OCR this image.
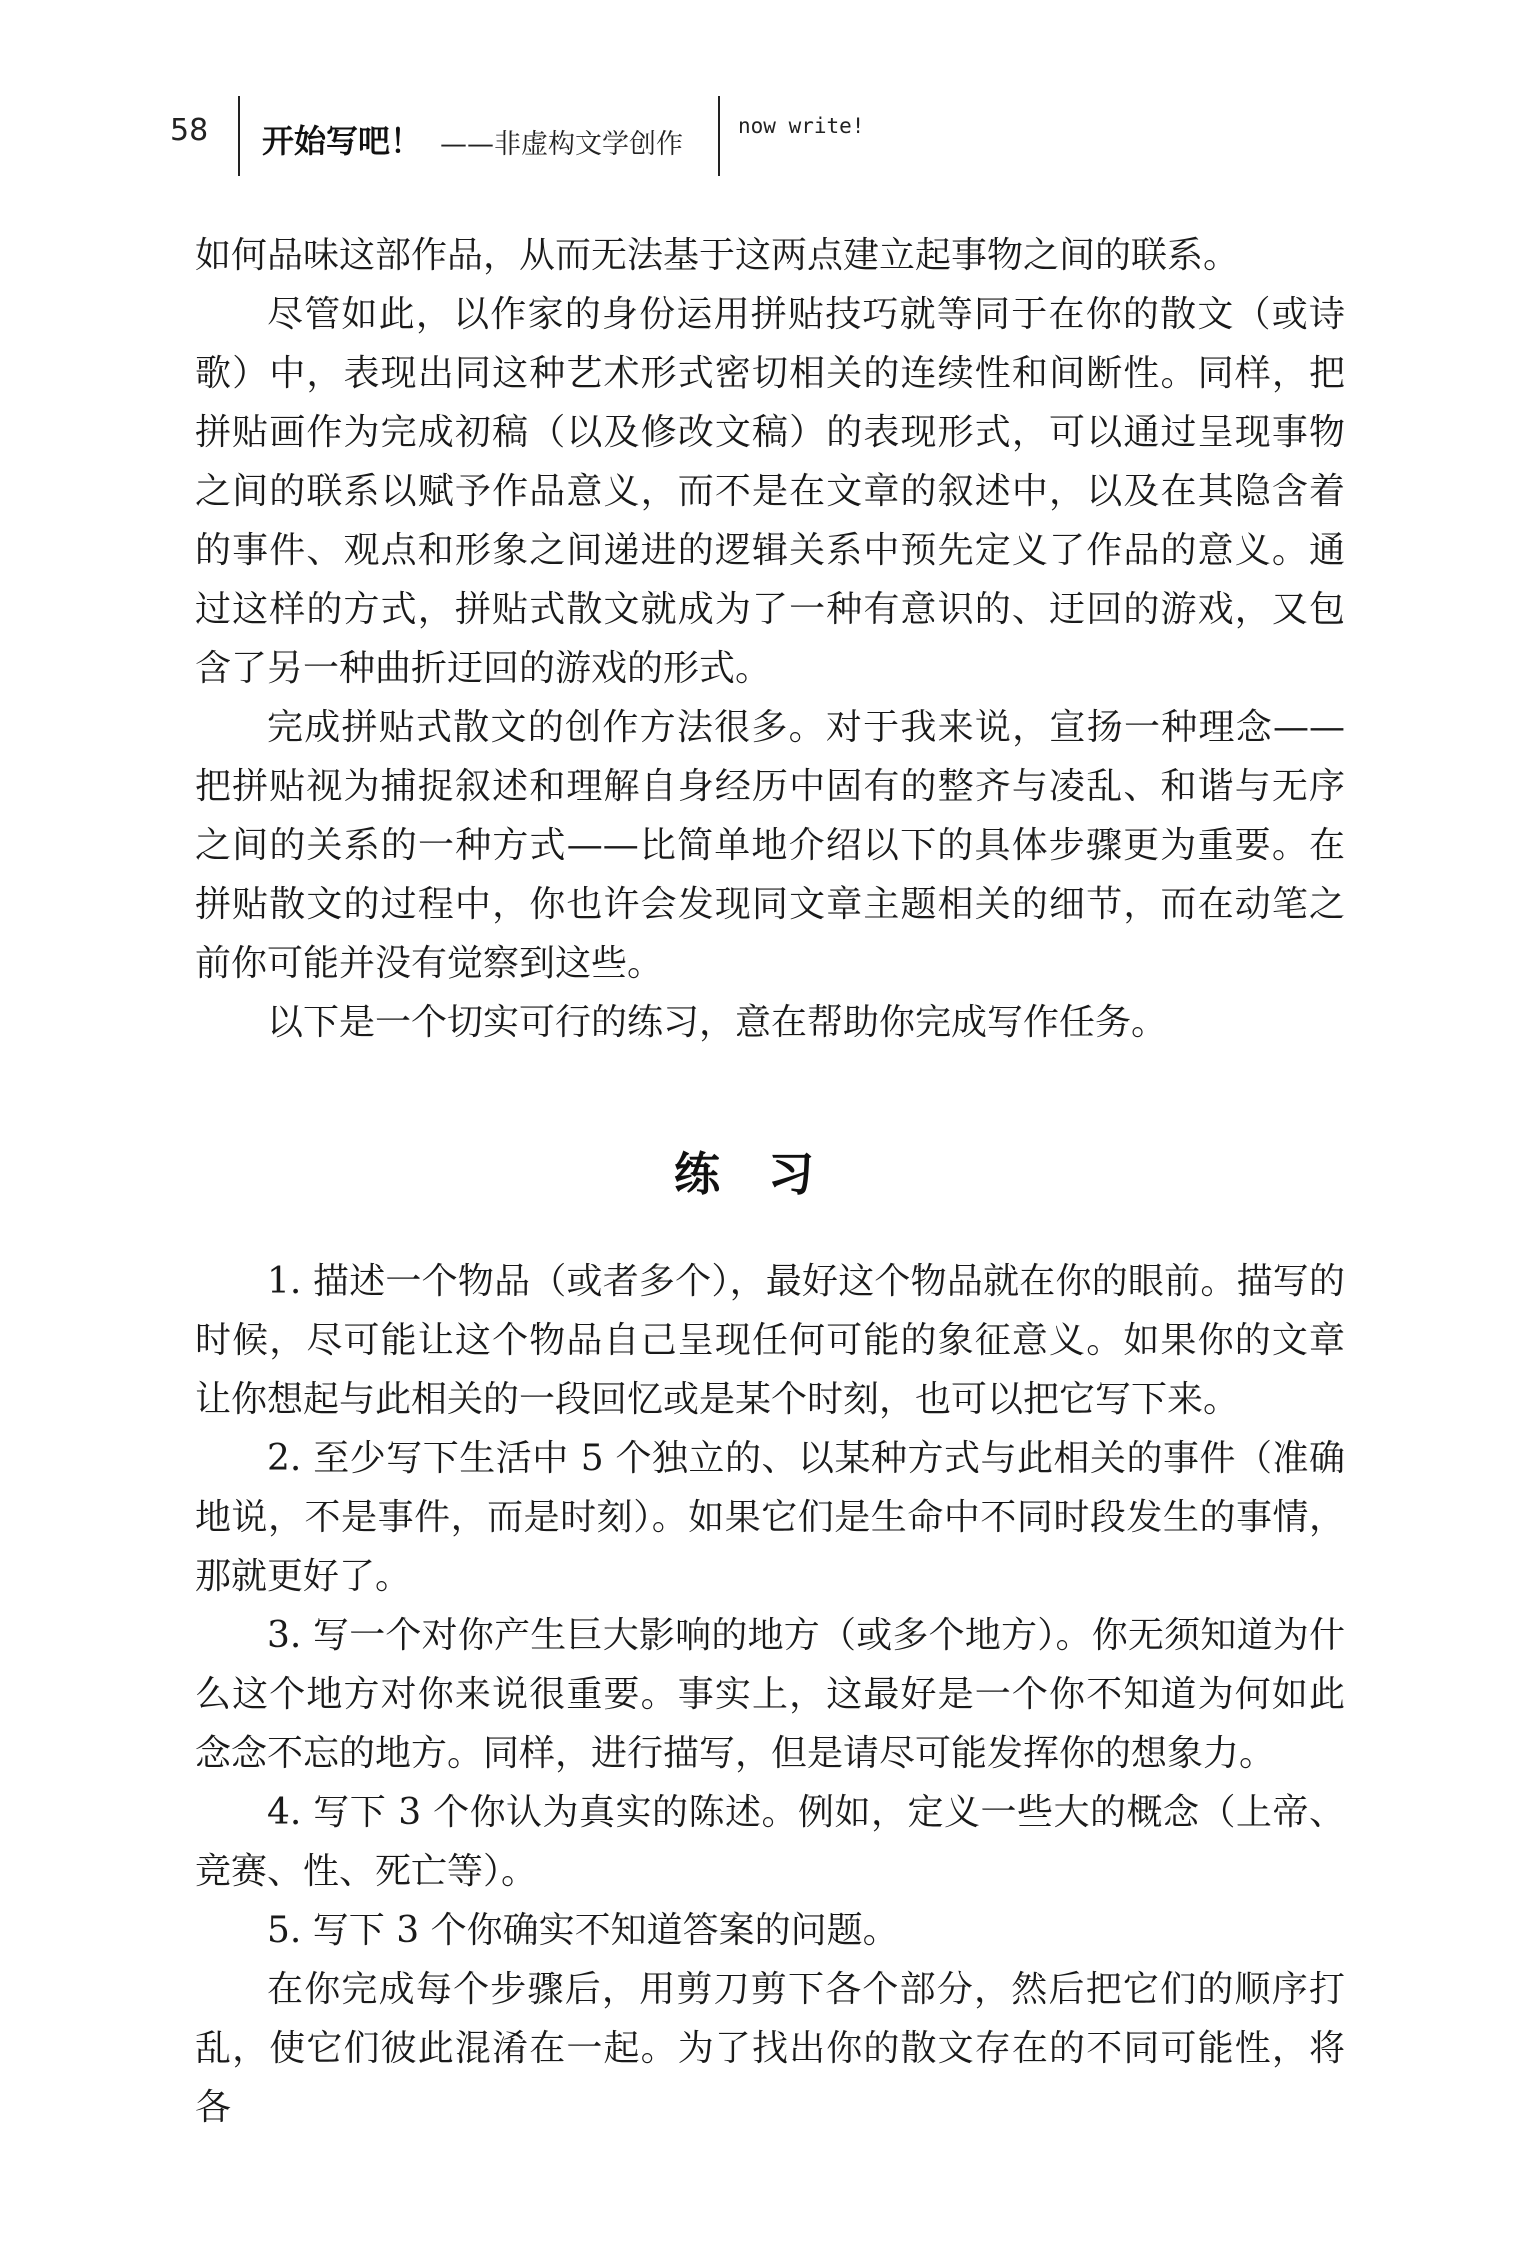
58 开始写吧！ ——非虚构文学创作
now write!

如何品味这部作品，从而无法基于这两点建立起事物之间的联系。

尽管如此，以作家的身份运用拼贴技巧就等同于在你的散文（或诗歌）中，表现出同这种艺术形式密切相关的连续性和间断性。同样，把拼贴画作为完成初稿（以及修改文稿）的表现形式，可以通过呈现事物之间的联系以赋予作品意义，而不是在文章的叙述中，以及在其隐含着的事件、观点和形象之间递进的逻辑关系中预先定义了作品的意义。通过这样的方式，拼贴式散文就成为了一种有意识的、迂回的游戏，又包含了另一种曲折迂回的游戏的形式。

完成拼贴式散文的创作方法很多。对于我来说，宣扬一种理念——把拼贴视为捕捉叙述和理解自身经历中固有的整齐与凌乱、和谐与无序之间的关系的一种方式——比简单地介绍以下的具体步骤更为重要。在拼贴散文的过程中，你也许会发现同文章主题相关的细节，而在动笔之前你可能并没有觉察到这些。

以下是一个切实可行的练习，意在帮助你完成写作任务。

练习

1. 描述一个物品（或者多个），最好这个物品就在你的眼前。描写的时候，尽可能让这个物品自己呈现任何可能的象征意义。如果你的文章让你想起与此相关的一段回忆或是某个时刻，也可以把它写下来。

2. 至少写下生活中 5 个独立的、以某种方式与此相关的事件（准确地说，不是事件，而是时刻）。如果它们是生命中不同时段发生的事情，那就更好了。

3. 写一个对你产生巨大影响的地方（或多个地方）。你无须知道为什么这个地方对你来说很重要。事实上，这最好是一个你不知道为何如此念念不忘的地方。同样，进行描写，但是请尽可能发挥你的想象力。

4. 写下 3 个你认为真实的陈述。例如，定义一些大的概念（上帝、竞赛、性、死亡等）。

5. 写下 3 个你确实不知道答案的问题。

在你完成每个步骤后，用剪刀剪下各个部分，然后把它们的顺序打乱，使它们彼此混淆在一起。为了找出你的散文存在的不同可能性，将各
